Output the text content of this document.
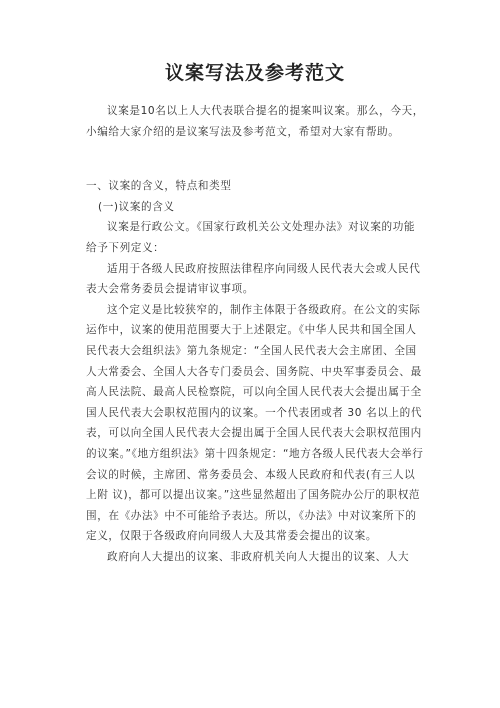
议案写法及参考范文

议案是10名以上人大代表联合提名的提案叫议案。那么，今天，小编给大家介绍的是议案写法及参考范文，希望对大家有帮助。

一、议案的含义，特点和类型

(一)议案的含义

议案是行政公文。《国家行政机关公文处理办法》对议案的功能给予下列定义：

适用于各级人民政府按照法律程序向同级人民代表大会或人民代表大会常务委员会提请审议事项。

这个定义是比较狭窄的，制作主体限于各级政府。在公文的实际运作中，议案的使用范围要大于上述限定。《中华人民共和国全国人民代表大会组织法》第九条规定：“全国人民代表大会主席团、全国人大常委会、全国人大各专门委员会、国务院、中央军事委员会、最高人民法院、最高人民检察院，可以向全国人民代表大会提出属于全国人民代表大会职权范围内的议案。一个代表团或者 30 名以上的代表，可以向全国人民代表大会提出属于全国人民代表大会职权范围内的议案。”《地方组织法》第十四条规定：“地方各级人民代表大会举行会议的时候，主席团、常务委员会、本级人民政府和代表(有三人以上附 议)，都可以提出议案。”这些显然超出了国务院办公厅的职权范围，在《办法》中不可能给予表达。所以，《办法》中对议案所下的定义，仅限于各级政府向同级人大及其常委会提出的议案。

政府向人大提出的议案、非政府机关向人大提出的议案、人大
